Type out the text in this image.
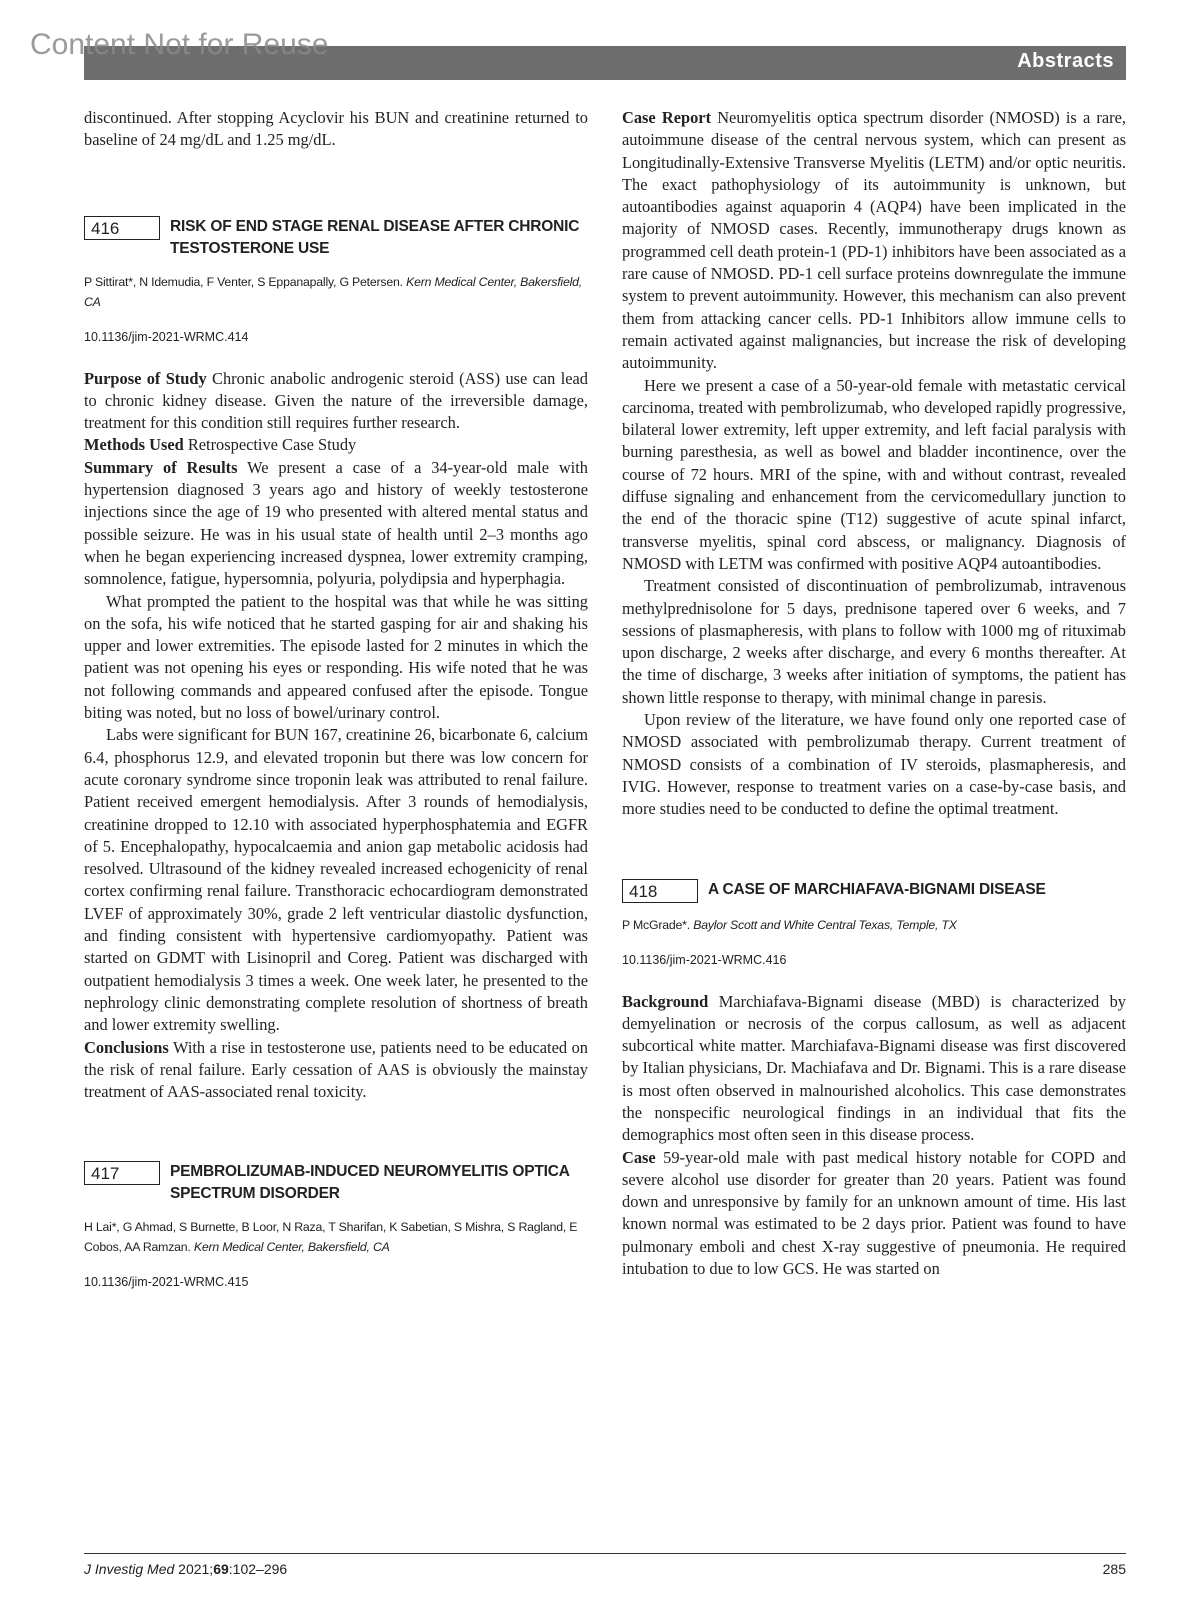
Content Not for Reuse	Abstracts

discontinued. After stopping Acyclovir his BUN and creatinine returned to baseline of 24 mg/dL and 1.25 mg/dL.

416	RISK OF END STAGE RENAL DISEASE AFTER CHRONIC TESTOSTERONE USE
P Sittirat*, N Idemudia, F Venter, S Eppanapally, G Petersen. Kern Medical Center, Bakersfield, CA
10.1136/jim-2021-WRMC.414

Purpose of Study Chronic anabolic androgenic steroid (ASS) use can lead to chronic kidney disease. Given the nature of the irreversible damage, treatment for this condition still requires further research.

Methods Used Retrospective Case Study

Summary of Results We present a case of a 34-year-old male with hypertension diagnosed 3 years ago and history of weekly testosterone injections since the age of 19 who presented with altered mental status and possible seizure. He was in his usual state of health until 2–3 months ago when he began experiencing increased dyspnea, lower extremity cramping, somnolence, fatigue, hypersomnia, polyuria, polydipsia and hyperphagia.

What prompted the patient to the hospital was that while he was sitting on the sofa, his wife noticed that he started gasping for air and shaking his upper and lower extremities. The episode lasted for 2 minutes in which the patient was not opening his eyes or responding. His wife noted that he was not following commands and appeared confused after the episode. Tongue biting was noted, but no loss of bowel/urinary control.

Labs were significant for BUN 167, creatinine 26, bicarbonate 6, calcium 6.4, phosphorus 12.9, and elevated troponin but there was low concern for acute coronary syndrome since troponin leak was attributed to renal failure. Patient received emergent hemodialysis. After 3 rounds of hemodialysis, creatinine dropped to 12.10 with associated hyperphosphatemia and EGFR of 5. Encephalopathy, hypocalcaemia and anion gap metabolic acidosis had resolved. Ultrasound of the kidney revealed increased echogenicity of renal cortex confirming renal failure. Transthoracic echocardiogram demonstrated LVEF of approximately 30%, grade 2 left ventricular diastolic dysfunction, and finding consistent with hypertensive cardiomyopathy. Patient was started on GDMT with Lisinopril and Coreg. Patient was discharged with outpatient hemodialysis 3 times a week. One week later, he presented to the nephrology clinic demonstrating complete resolution of shortness of breath and lower extremity swelling.

Conclusions With a rise in testosterone use, patients need to be educated on the risk of renal failure. Early cessation of AAS is obviously the mainstay treatment of AAS-associated renal toxicity.

417	PEMBROLIZUMAB-INDUCED NEUROMYELITIS OPTICA SPECTRUM DISORDER
H Lai*, G Ahmad, S Burnette, B Loor, N Raza, T Sharifan, K Sabetian, S Mishra, S Ragland, E Cobos, AA Ramzan. Kern Medical Center, Bakersfield, CA
10.1136/jim-2021-WRMC.415

Case Report Neuromyelitis optica spectrum disorder (NMOSD) is a rare, autoimmune disease of the central nervous system, which can present as Longitudinally-Extensive Transverse Myelitis (LETM) and/or optic neuritis. The exact pathophysiology of its autoimmunity is unknown, but autoantibodies against aquaporin 4 (AQP4) have been implicated in the majority of NMOSD cases. Recently, immunotherapy drugs known as programmed cell death protein-1 (PD-1) inhibitors have been associated as a rare cause of NMOSD. PD-1 cell surface proteins downregulate the immune system to prevent autoimmunity. However, this mechanism can also prevent them from attacking cancer cells. PD-1 Inhibitors allow immune cells to remain activated against malignancies, but increase the risk of developing autoimmunity.

Here we present a case of a 50-year-old female with metastatic cervical carcinoma, treated with pembrolizumab, who developed rapidly progressive, bilateral lower extremity, left upper extremity, and left facial paralysis with burning paresthesia, as well as bowel and bladder incontinence, over the course of 72 hours. MRI of the spine, with and without contrast, revealed diffuse signaling and enhancement from the cervicomedullary junction to the end of the thoracic spine (T12) suggestive of acute spinal infarct, transverse myelitis, spinal cord abscess, or malignancy. Diagnosis of NMOSD with LETM was confirmed with positive AQP4 autoantibodies.

Treatment consisted of discontinuation of pembrolizumab, intravenous methylprednisolone for 5 days, prednisone tapered over 6 weeks, and 7 sessions of plasmapheresis, with plans to follow with 1000 mg of rituximab upon discharge, 2 weeks after discharge, and every 6 months thereafter. At the time of discharge, 3 weeks after initiation of symptoms, the patient has shown little response to therapy, with minimal change in paresis.

Upon review of the literature, we have found only one reported case of NMOSD associated with pembrolizumab therapy. Current treatment of NMOSD consists of a combination of IV steroids, plasmapheresis, and IVIG. However, response to treatment varies on a case-by-case basis, and more studies need to be conducted to define the optimal treatment.

418	A CASE OF MARCHIAFAVA-BIGNAMI DISEASE
P McGrade*. Baylor Scott and White Central Texas, Temple, TX
10.1136/jim-2021-WRMC.416

Background Marchiafava-Bignami disease (MBD) is characterized by demyelination or necrosis of the corpus callosum, as well as adjacent subcortical white matter. Marchiafava-Bignami disease was first discovered by Italian physicians, Dr. Machiafava and Dr. Bignami. This is a rare disease is most often observed in malnourished alcoholics. This case demonstrates the nonspecific neurological findings in an individual that fits the demographics most often seen in this disease process.

Case 59-year-old male with past medical history notable for COPD and severe alcohol use disorder for greater than 20 years. Patient was found down and unresponsive by family for an unknown amount of time. His last known normal was estimated to be 2 days prior. Patient was found to have pulmonary emboli and chest X-ray suggestive of pneumonia. He required intubation to due to low GCS. He was started on

J Investig Med 2021;69:102–296	285
